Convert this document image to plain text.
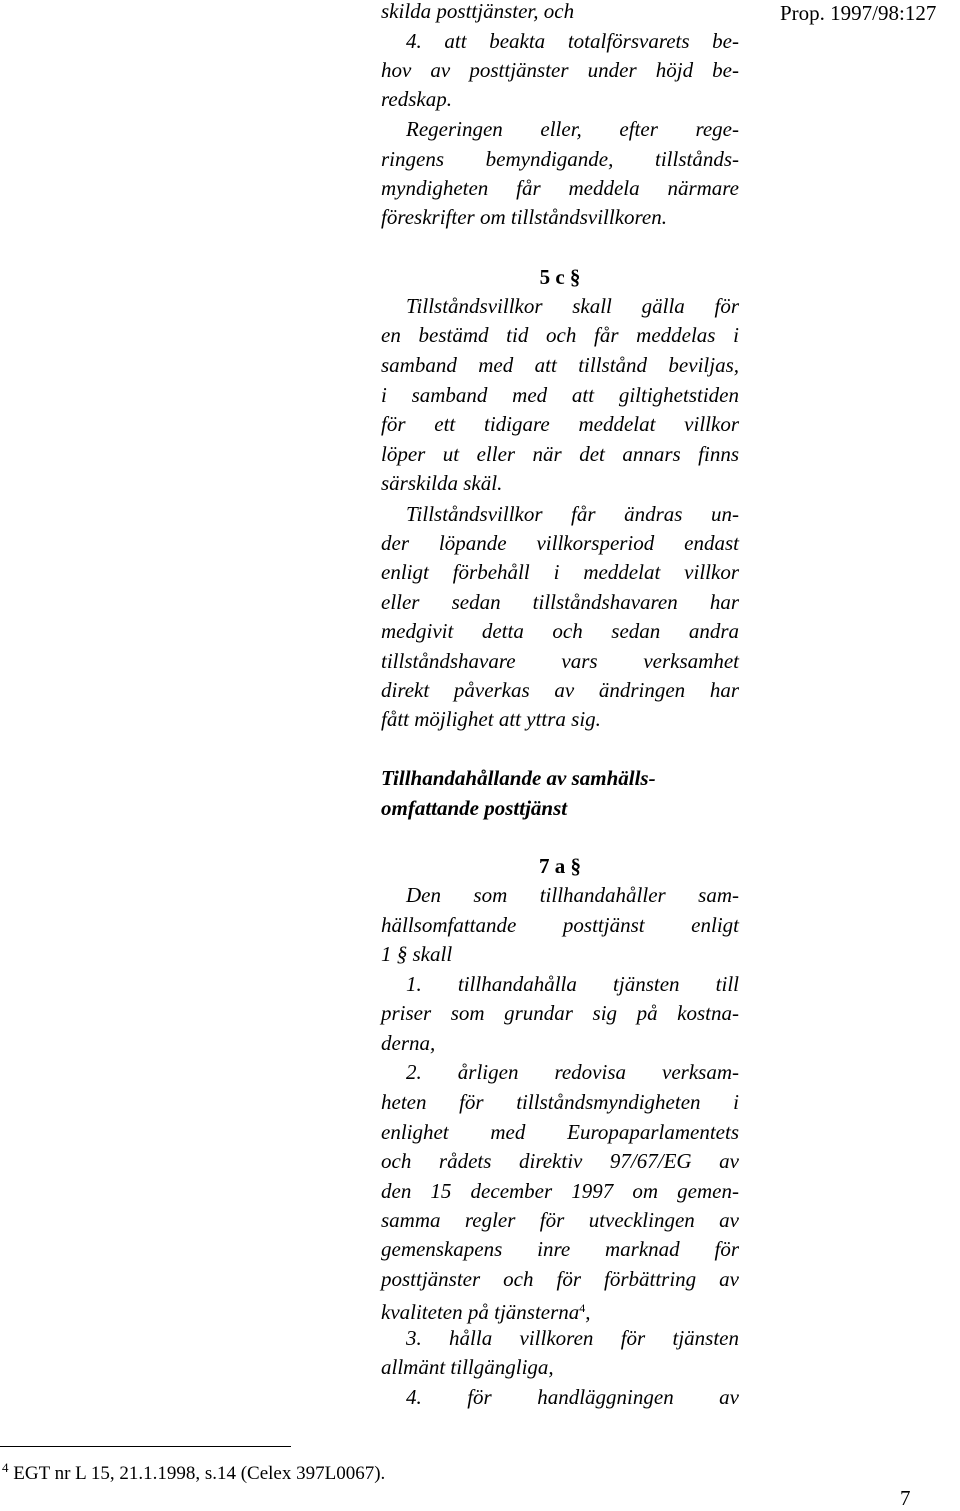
Prop. 1997/98:127
skilda posttjänster, och
4. att beakta totalförsvarets be-
hov av posttjänster under höjd be-
redskap.
Regeringen eller, efter rege-
ringens bemyndigande, tillstånds-
myndigheten får meddela närmare
föreskrifter om tillståndsvillkoren.
5 c §
Tillståndsvillkor skall gälla för
en bestämd tid och får meddelas i
samband med att tillstånd beviljas,
i samband med att giltighetstiden
för ett tidigare meddelat villkor
löper ut eller när det annars finns
särskilda skäl.
Tillståndsvillkor får ändras un-
der löpande villkorsperiod endast
enligt förbehåll i meddelat villkor
eller sedan tillståndshavaren har
medgivit detta och sedan andra
tillståndshavare vars verksamhet
direkt påverkas av ändringen har
fått möjlighet att yttra sig.
Tillhandahållande av samhälls-
omfattande posttjänst
7 a §
Den som tillhandahåller sam-
hällsomfattande posttjänst enligt
1 § skall
1. tillhandahålla tjänsten till
priser som grundar sig på kostna-
derna,
2. årligen redovisa verksam-
heten för tillståndsmyndigheten i
enlighet med Europaparlamentets
och rådets direktiv 97/67/EG av
den 15 december 1997 om gemen-
samma regler för utvecklingen av
gemenskapens inre marknad för
posttjänster och för förbättring av
kvaliteten på tjänsterna$^4$,
3. hålla villkoren för tjänsten
allmänt tillgängliga,
4. för handläggningen av
$^4$ EGT nr L 15, 21.1.1998, s.14 (Celex 397L0067).
7
